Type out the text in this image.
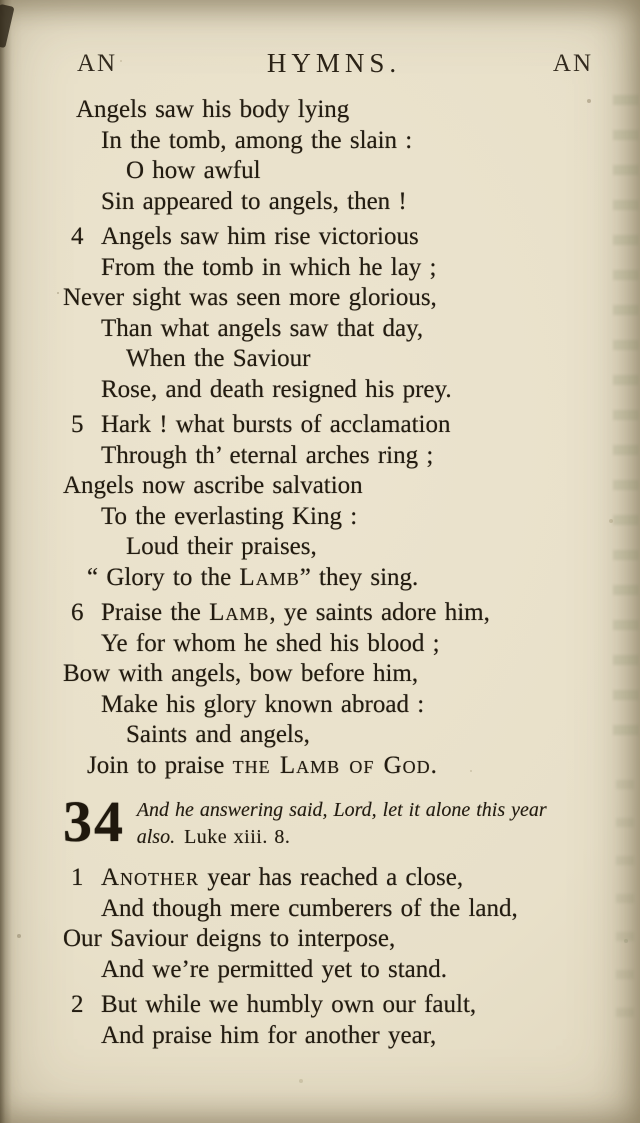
AN	HYMNS.	AN
Angels saw his body lying
In the tomb, among the slain :
O how awful
Sin appeared to angels, then !
4 Angels saw him rise victorious
From the tomb in which he lay ;
Never sight was seen more glorious,
Than what angels saw that day,
When the Saviour
Rose, and death resigned his prey.
5 Hark ! what bursts of acclamation
Through th’ eternal arches ring ;
Angels now ascribe salvation
To the everlasting King :
Loud their praises,
“ Glory to the Lamb” they sing.
6 Praise the Lamb, ye saints adore him,
Ye for whom he shed his blood ;
Bow with angels, bow before him,
Make his glory known abroad :
Saints and angels,
Join to praise the Lamb of God.
34 And he answering said, Lord, let it alone this year also. Luke xiii. 8.
1 Another year has reached a close,
And though mere cumberers of the land,
Our Saviour deigns to interpose,
And we’re permitted yet to stand.
2 But while we humbly own our fault,
And praise him for another year,
